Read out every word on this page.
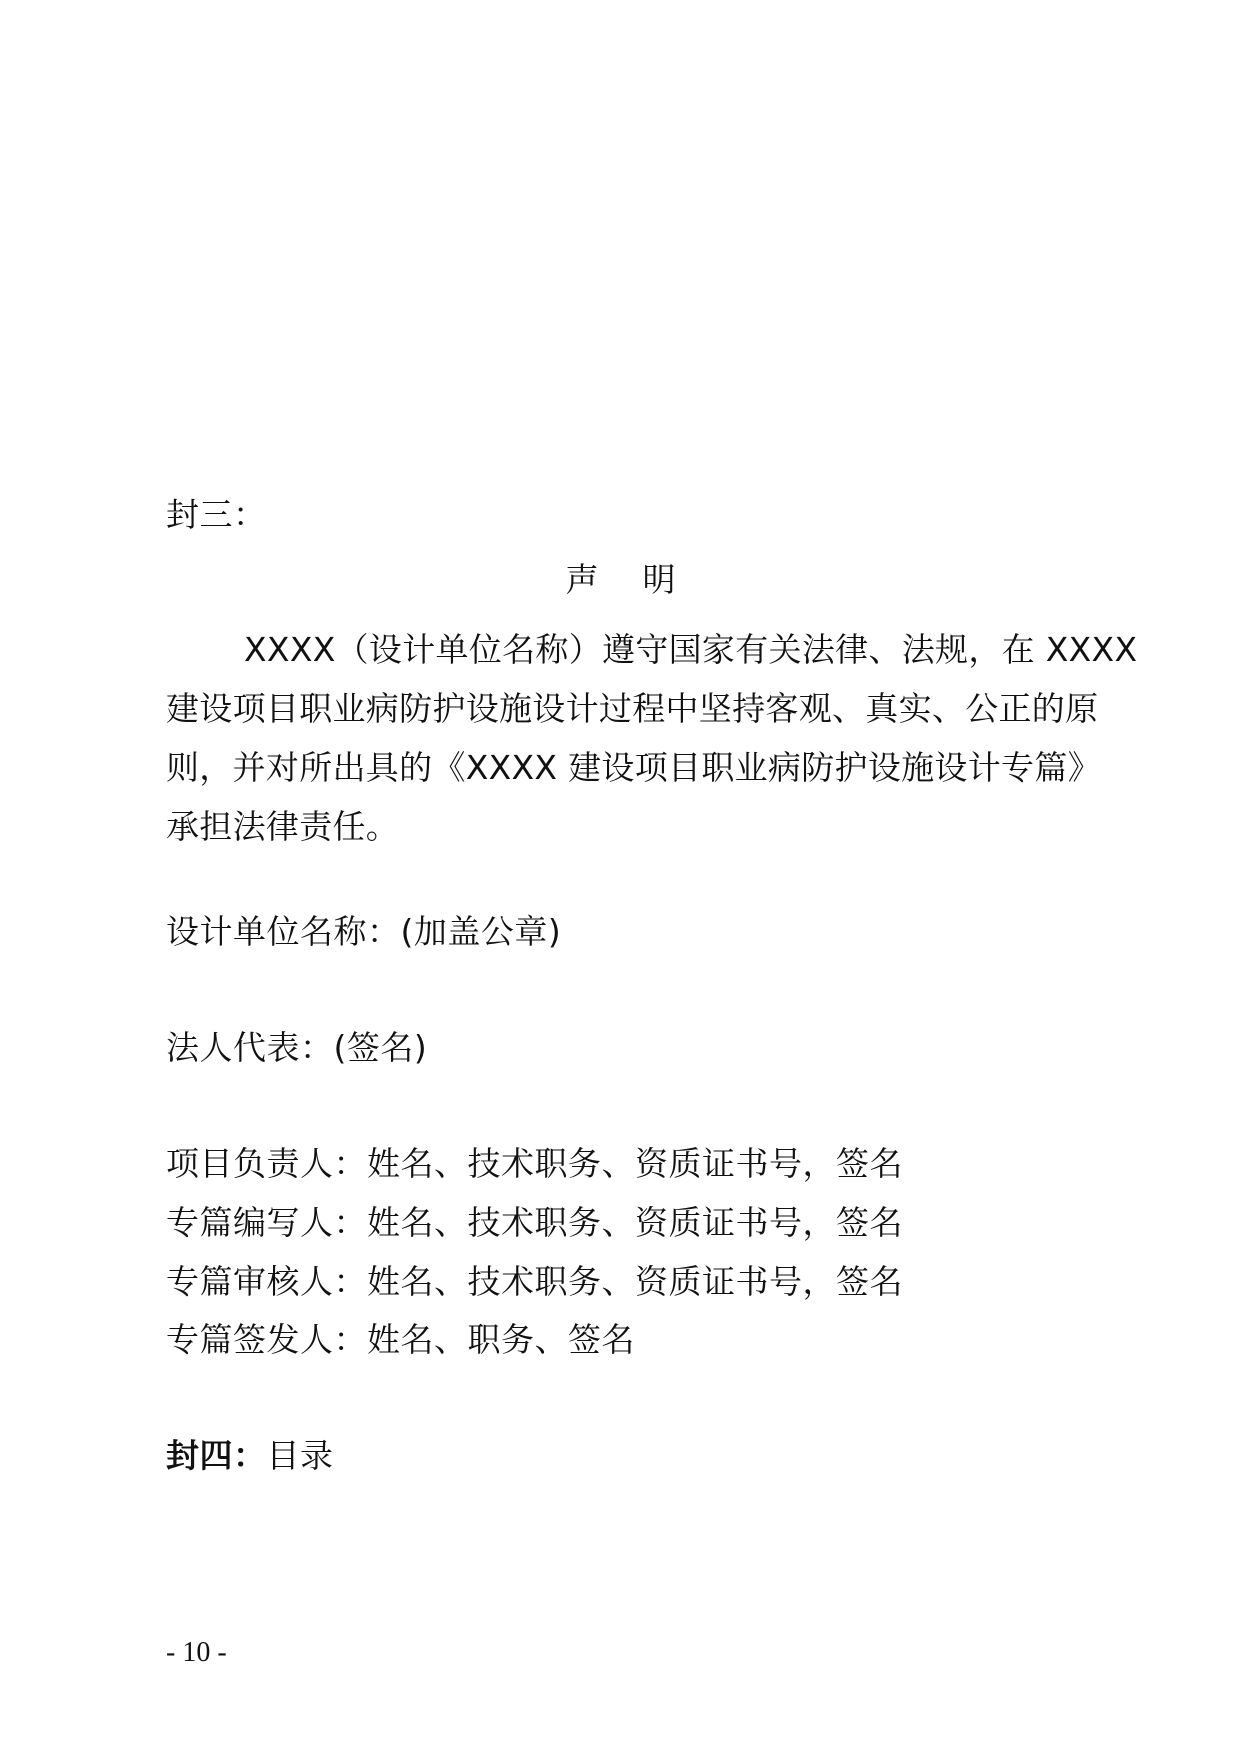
封三：
声 明
XXXX（设计单位名称）遵守国家有关法律、法规，在 XXXX
建设项目职业病防护设施设计过程中坚持客观、真实、公正的原
则，并对所出具的《XXXX 建设项目职业病防护设施设计专篇》
承担法律责任。
设计单位名称：(加盖公章)
法人代表：(签名)
项目负责人：姓名、技术职务、资质证书号，签名
专篇编写人：姓名、技术职务、资质证书号，签名
专篇审核人：姓名、技术职务、资质证书号，签名
专篇签发人：姓名、职务、签名
封四：目录
- 10 -
